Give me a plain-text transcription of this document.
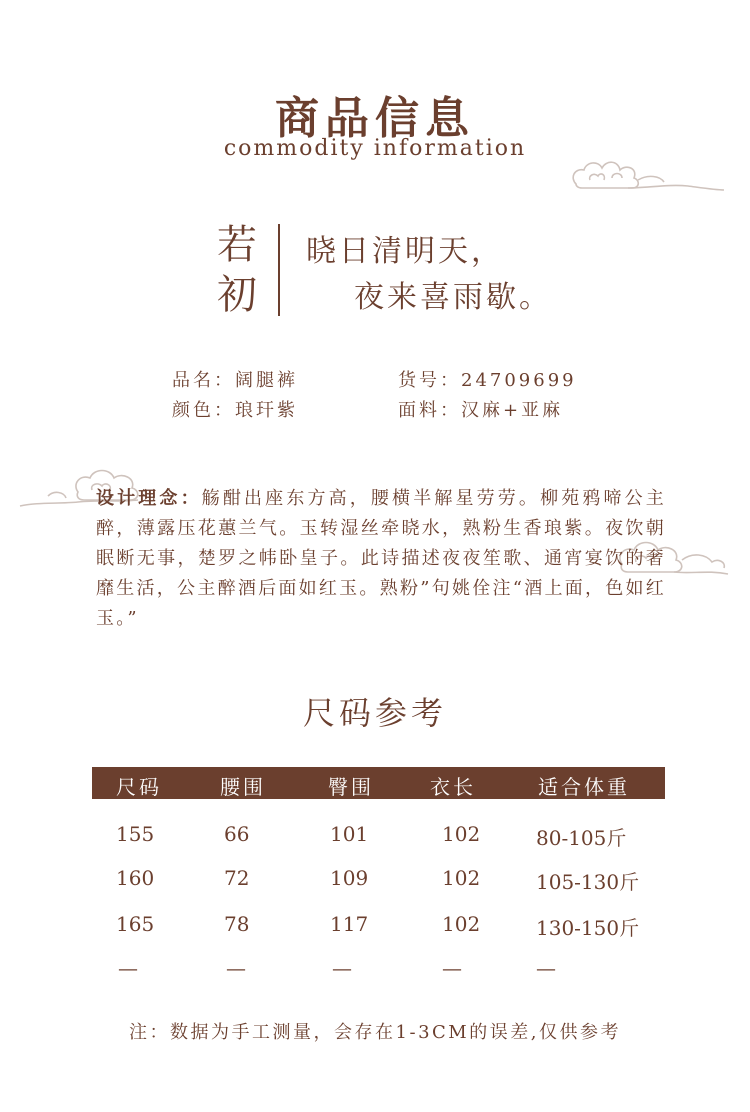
商品信息
commodity information
若
初
晓日清明天，
夜来喜雨歇。
品名：阔腿裤	货号：24709699
颜色：琅玕紫	面料：汉麻+亚麻
设计理念：觞酣出座东方高，腰横半解星劳劳。柳苑鸦啼公主醉，薄露压花蕙兰气。玉转湿丝牵晓水，熟粉生香琅紫。夜饮朝眠断无事，楚罗之帏卧皇子。此诗描述夜夜笙歌、通宵宴饮的奢靡生活，公主醉酒后面如红玉。熟粉”句姚佺注“酒上面，色如红玉。”
尺码参考
尺码	腰围	臀围	衣长	适合体重
155	66	101	102	80-105斤
160	72	109	102	105-130斤
165	78	117	102	130-150斤
—	—	—	—	—
注：数据为手工测量，会存在1-3CM的误差,仅供参考
